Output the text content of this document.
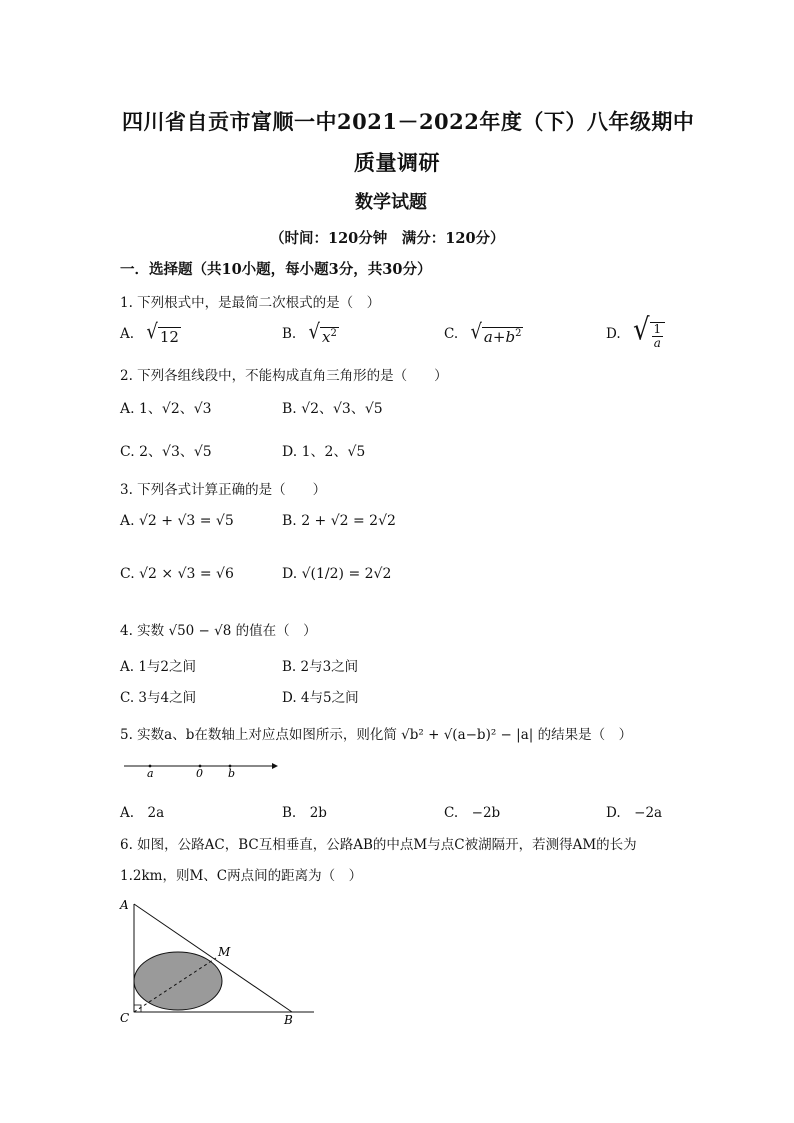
四川省自贡市富顺一中2021－2022年度（下）八年级期中
质量调研
数学试题
（时间：120分钟　满分：120分）
一．选择题（共10小题，每小题3分，共30分）
1. 下列根式中，是最简二次根式的是（　）
A. √ 12	B. √ $x^2$	C. √ $a+b^2$	D. √ $\frac{1}{a}$
2. 下列各组线段中，不能构成直角三角形的是（　　）
A. 1、√2、√3	B. √2、√3、√5
C. 2、√3、√5	D. 1、2、√5
3. 下列各式计算正确的是（　　）
A. √2 + √3 = √5	B. 2 + √2 = 2√2
C. √2 × √3 = √6	D. √(1/2) = 2√2
4. 实数 √50 − √8 的值在（　）
A. 1与2之间	B. 2与3之间
C. 3与4之间	D. 4与5之间
5. 实数a、b在数轴上对应点如图所示，则化简 √b² + √(a−b)² − |a| 的结果是（　）
a	0 b
A.　2a	B.　2b	C.　−2b	D.　−2a
6. 如图，公路AC，BC互相垂直，公路AB的中点M与点C被湖隔开，若测得AM的长为
1.2km，则M、C两点间的距离为（　）
A
M
C	B
